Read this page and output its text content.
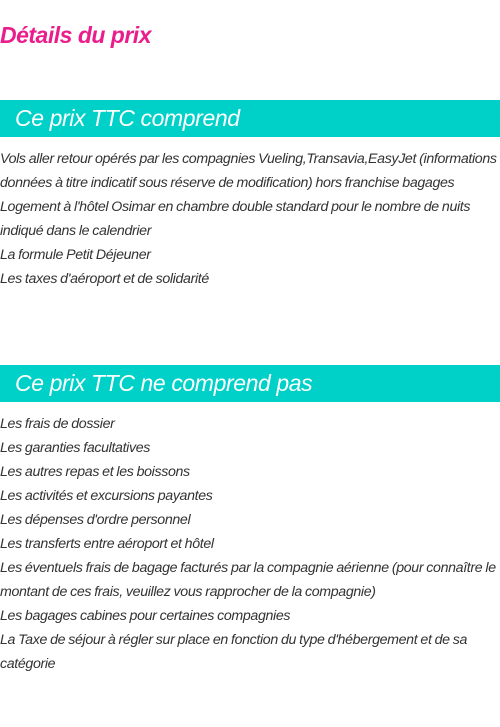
Détails du prix
Ce prix TTC comprend
Vols aller retour opérés par les compagnies Vueling,Transavia,EasyJet (informations données à titre indicatif sous réserve de modification) hors franchise bagages
Logement à l'hôtel Osimar en chambre double standard pour le nombre de nuits indiqué dans le calendrier
La formule Petit Déjeuner
Les taxes d'aéroport et de solidarité
Ce prix TTC ne comprend pas
Les frais de dossier
Les garanties facultatives
Les autres repas et les boissons
Les activités et excursions payantes
Les dépenses d'ordre personnel
Les transferts entre aéroport et hôtel
Les éventuels frais de bagage facturés par la compagnie aérienne (pour connaître le montant de ces frais, veuillez vous rapprocher de la compagnie)
Les bagages cabines pour certaines compagnies
La Taxe de séjour à régler sur place en fonction du type d'hébergement et de sa catégorie
